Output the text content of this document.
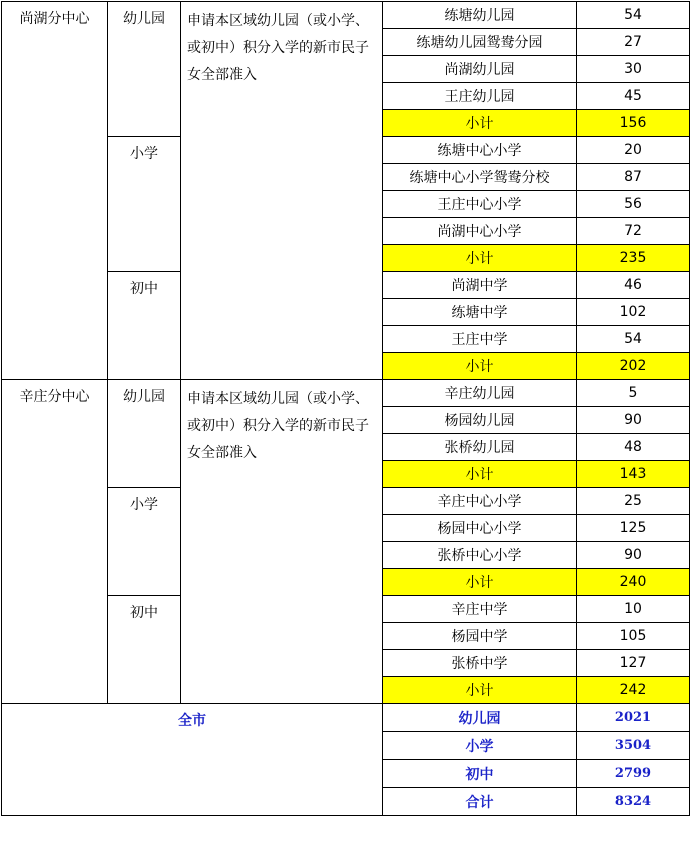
尚湖分中心	幼儿园	申请本区域幼儿园（或小学、或初中）积分入学的新市民子女全部准入	练塘幼儿园	54
			练塘幼儿园鸳鸯分园	27
			尚湖幼儿园	30
			王庄幼儿园	45
			小计	156
	小学		练塘中心小学	20
			练塘中心小学鸳鸯分校	87
			王庄中心小学	56
			尚湖中心小学	72
			小计	235
	初中		尚湖中学	46
			练塘中学	102
			王庄中学	54
			小计	202
辛庄分中心	幼儿园	申请本区域幼儿园（或小学、或初中）积分入学的新市民子女全部准入	辛庄幼儿园	5
			杨园幼儿园	90
			张桥幼儿园	48
			小计	143
	小学		辛庄中心小学	25
			杨园中心小学	125
			张桥中心小学	90
			小计	240
	初中		辛庄中学	10
			杨园中学	105
			张桥中学	127
			小计	242
全市			幼儿园	2021
			小学	3504
			初中	2799
			合计	8324
